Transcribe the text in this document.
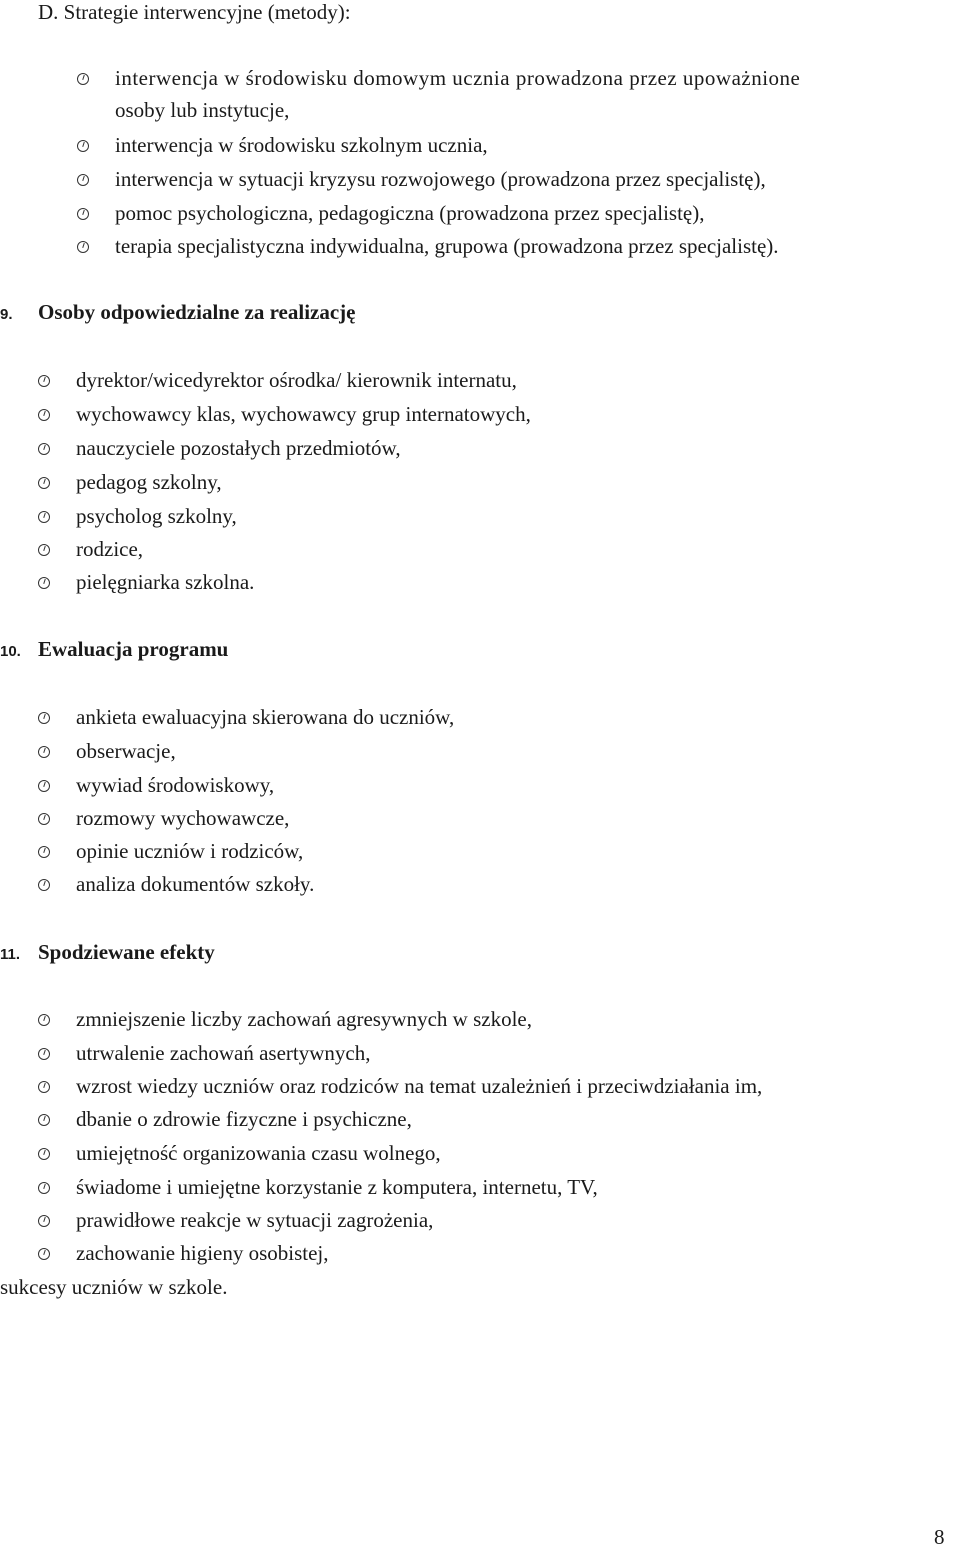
D. Strategie interwencyjne (metody):
interwencja w środowisku domowym ucznia prowadzona przez upoważnione
osoby lub instytucje,
interwencja w środowisku szkolnym ucznia,
interwencja w sytuacji kryzysu rozwojowego (prowadzona przez specjalistę),
pomoc psychologiczna, pedagogiczna (prowadzona przez specjalistę),
terapia specjalistyczna indywidualna, grupowa (prowadzona przez specjalistę).
9. Osoby odpowiedzialne za realizację
dyrektor/wicedyrektor ośrodka/ kierownik internatu,
wychowawcy klas, wychowawcy grup internatowych,
nauczyciele pozostałych przedmiotów,
pedagog szkolny,
psycholog szkolny,
rodzice,
pielęgniarka szkolna.
10. Ewaluacja programu
ankieta ewaluacyjna skierowana do uczniów,
obserwacje,
wywiad środowiskowy,
rozmowy wychowawcze,
opinie uczniów i rodziców,
analiza dokumentów szkoły.
11. Spodziewane efekty
zmniejszenie liczby zachowań agresywnych w szkole,
utrwalenie zachowań asertywnych,
wzrost wiedzy uczniów oraz rodziców na temat uzależnień i przeciwdziałania im,
dbanie o zdrowie fizyczne i psychiczne,
umiejętność organizowania czasu wolnego,
świadome i umiejętne korzystanie z komputera, internetu, TV,
prawidłowe reakcje w sytuacji zagrożenia,
zachowanie higieny osobistej,
sukcesy uczniów w szkole.
8
